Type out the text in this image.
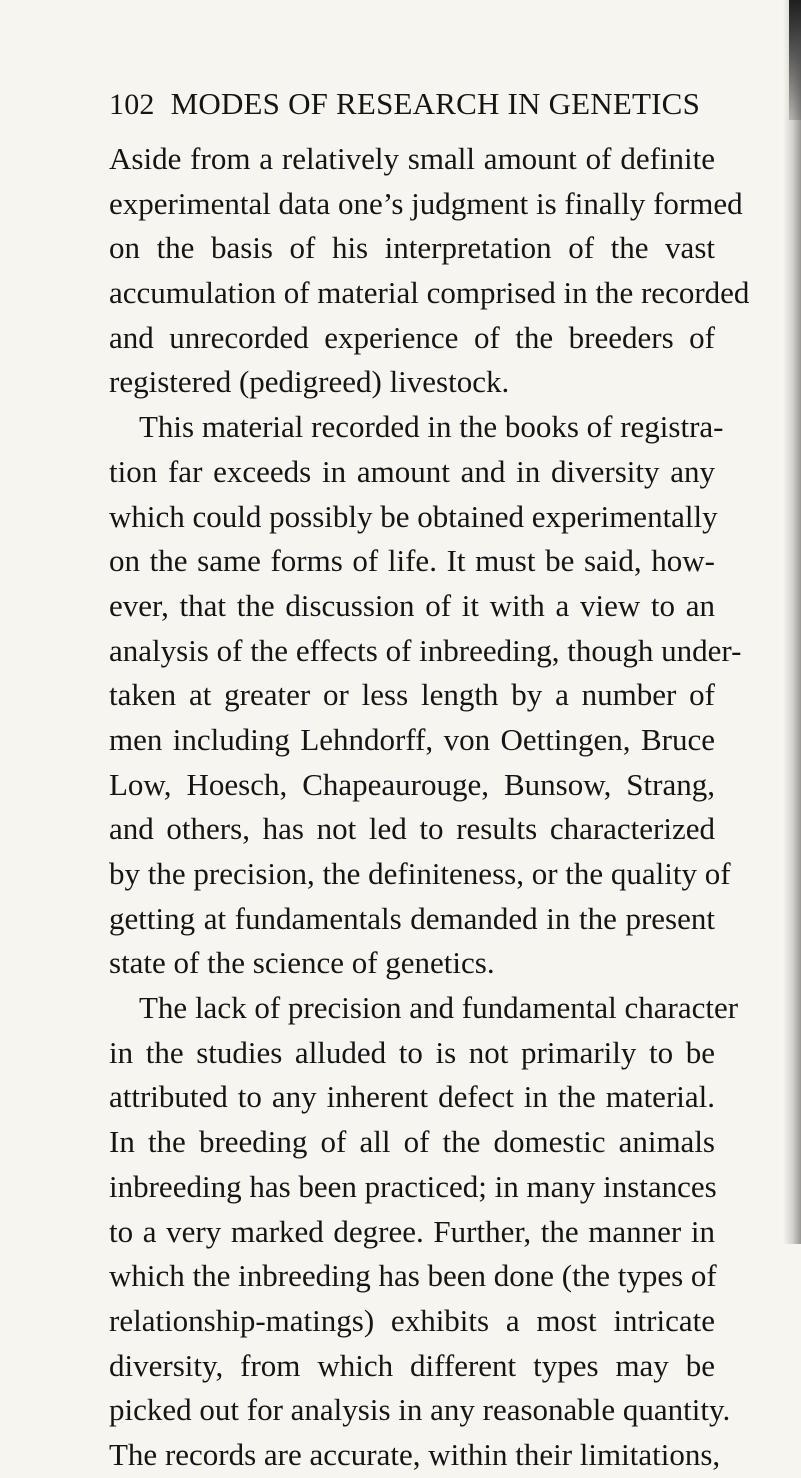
102 MODES OF RESEARCH IN GENETICS
Aside from a relatively small amount of definite
experimental data one’s judgment is finally formed
on the basis of his interpretation of the vast
accumulation of material comprised in the recorded
and unrecorded experience of the breeders of
registered (pedigreed) livestock.
This material recorded in the books of registra-
tion far exceeds in amount and in diversity any
which could possibly be obtained experimentally
on the same forms of life. It must be said, how-
ever, that the discussion of it with a view to an
analysis of the effects of inbreeding, though under-
taken at greater or less length by a number of
men including Lehndorff, von Oettingen, Bruce
Low, Hoesch, Chapeaurouge, Bunsow, Strang,
and others, has not led to results characterized
by the precision, the definiteness, or the quality of
getting at fundamentals demanded in the present
state of the science of genetics.
The lack of precision and fundamental character
in the studies alluded to is not primarily to be
attributed to any inherent defect in the material.
In the breeding of all of the domestic animals
inbreeding has been practiced; in many instances
to a very marked degree. Further, the manner in
which the inbreeding has been done (the types of
relationship-matings) exhibits a most intricate
diversity, from which different types may be
picked out for analysis in any reasonable quantity.
The records are accurate, within their limitations,
